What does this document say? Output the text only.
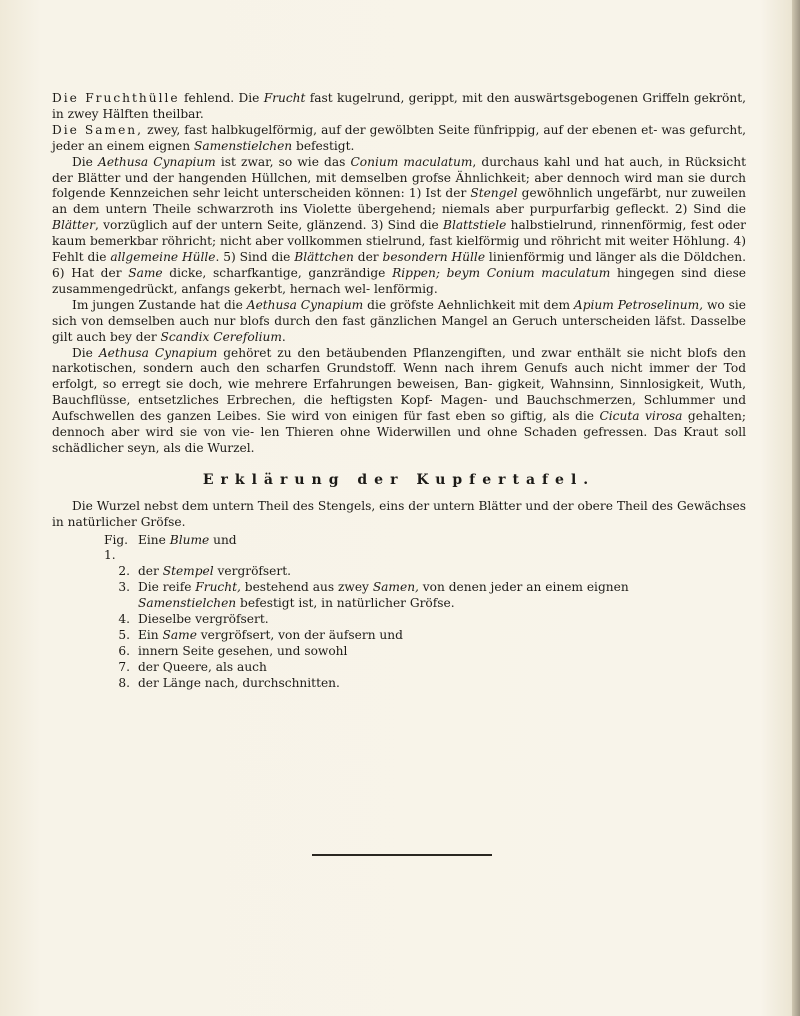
Die Fruchthülle fehlend. Die Frucht fast kugelrund, gerippt, mit den auswärtsgebogenen Griffeln gekrönt, in zwey Hälften theilbar.

Die Samen, zwey, fast halbkugelförmig, auf der gewölbten Seite fünfrippig, auf der ebenen et- was gefurcht, jeder an einem eignen Samenstielchen befestigt.

Die Aethusa Cynapium ist zwar, so wie das Conium maculatum, durchaus kahl und hat auch, in Rücksicht der Blätter und der hangenden Hüllchen, mit demselben grofse Ähnlichkeit; aber dennoch wird man sie durch folgende Kennzeichen sehr leicht unterscheiden können: 1) Ist der Stengel gewöhnlich ungefärbt, nur zuweilen an dem untern Theile schwarzroth ins Violette übergehend; niemals aber purpurfarbig gefleckt. 2) Sind die Blätter, vorzüglich auf der untern Seite, glänzend. 3) Sind die Blattstiele halbstielrund, rinnenförmig, fest oder kaum bemerkbar röhricht; nicht aber vollkommen stielrund, fast kielförmig und röhricht mit weiter Höhlung. 4) Fehlt die allgemeine Hülle. 5) Sind die Blättchen der besondern Hülle linienförmig und länger als die Döldchen. 6) Hat der Same dicke, scharfkantige, ganzrändige Rippen; beym Conium maculatum hingegen sind diese zusammengedrückt, anfangs gekerbt, hernach wel- lenförmig.

Im jungen Zustande hat die Aethusa Cynapium die gröfste Aehnlichkeit mit dem Apium Petroselinum, wo sie sich von demselben auch nur blofs durch den fast gänzlichen Mangel an Geruch unterscheiden läfst. Dasselbe gilt auch bey der Scandix Cerefolium.

Die Aethusa Cynapium gehöret zu den betäubenden Pflanzengiften, und zwar enthält sie nicht blofs den narkotischen, sondern auch den scharfen Grundstoff. Wenn nach ihrem Genufs auch nicht immer der Tod erfolgt, so erregt sie doch, wie mehrere Erfahrungen beweisen, Ban- gigkeit, Wahnsinn, Sinnlosigkeit, Wuth, Bauchflüsse, entsetzliches Erbrechen, die heftigsten Kopf- Magen- und Bauchschmerzen, Schlummer und Aufschwellen des ganzen Leibes. Sie wird von einigen für fast eben so giftig, als die Cicuta virosa gehalten; dennoch aber wird sie von vie- len Thieren ohne Widerwillen und ohne Schaden gefressen. Das Kraut soll schädlicher seyn, als die Wurzel.

Erklärung der Kupfertafel.

Die Wurzel nebst dem untern Theil des Stengels, eins der untern Blätter und der obere Theil des Gewächses in natürlicher Gröfse.

Fig. 1.
Eine Blume und
2. der Stempel vergröfsert.
3. Die reife Frucht, bestehend aus zwey Samen, von denen jeder an einem eignen
Samenstielchen befestigt ist, in natürlicher Gröfse.
4. Dieselbe vergröfsert.
5. Ein Same vergröfsert, von der äufsern und
6. innern Seite gesehen, und sowohl
7. der Queere, als auch
8. der Länge nach, durchschnitten.
